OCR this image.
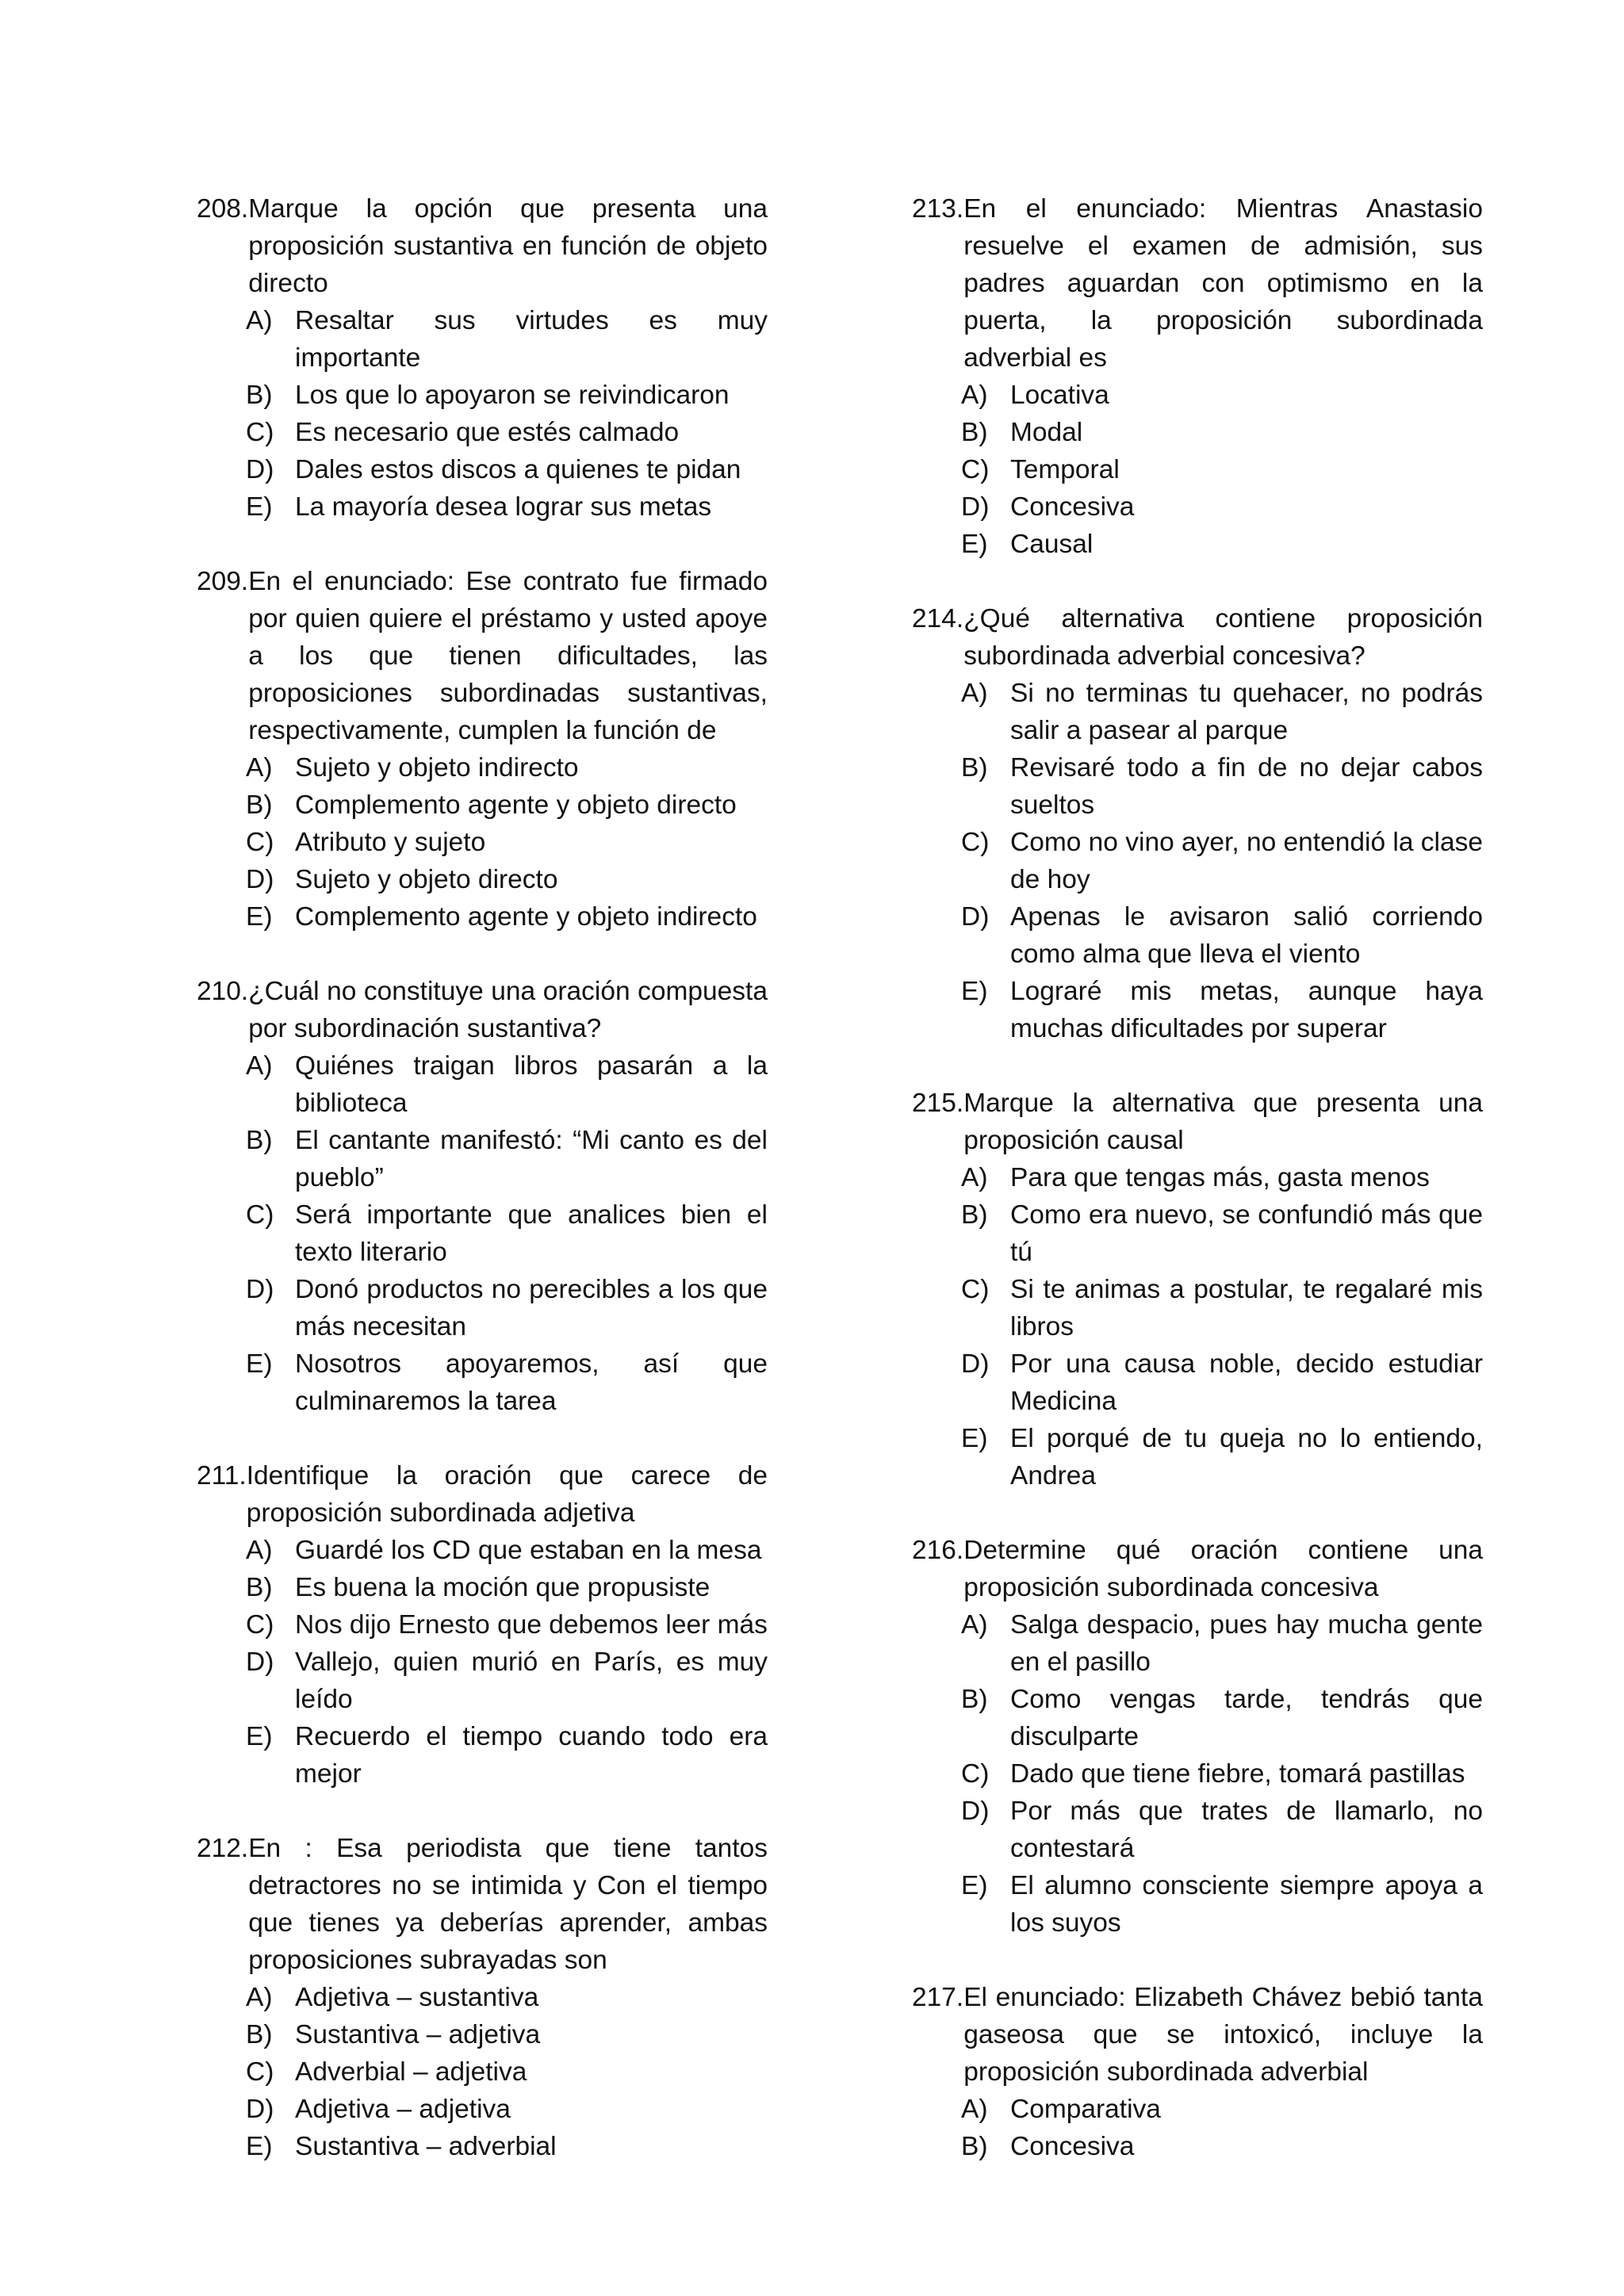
208. Marque la opción que presenta una proposición sustantiva en función de objeto directo
A) Resaltar sus virtudes es muy importante
B) Los que lo apoyaron se reivindicaron
C) Es necesario que estés calmado
D) Dales estos discos a quienes te pidan
E) La mayoría desea lograr sus metas
209. En el enunciado: Ese contrato fue firmado por quien quiere el préstamo y usted apoye a los que tienen dificultades, las proposiciones subordinadas sustantivas, respectivamente, cumplen la función de
A) Sujeto y objeto indirecto
B) Complemento agente y objeto directo
C) Atributo y sujeto
D) Sujeto y objeto directo
E) Complemento agente y objeto indirecto
210. ¿Cuál no constituye una oración compuesta por subordinación sustantiva?
A) Quiénes traigan libros pasarán a la biblioteca
B) El cantante manifestó: “Mi canto es del pueblo”
C) Será importante que analices bien el texto literario
D) Donó productos no perecibles a los que más necesitan
E) Nosotros apoyaremos, así que culminaremos la tarea
211. Identifique la oración que carece de proposición subordinada adjetiva
A) Guardé los CD que estaban en la mesa
B) Es buena la moción que propusiste
C) Nos dijo Ernesto que debemos leer más
D) Vallejo, quien murió en París, es muy leído
E) Recuerdo el tiempo cuando todo era mejor
212. En : Esa periodista que tiene tantos detractores no se intimida y Con el tiempo que tienes ya deberías aprender, ambas proposiciones subrayadas son
A) Adjetiva – sustantiva
B) Sustantiva – adjetiva
C) Adverbial – adjetiva
D) Adjetiva – adjetiva
E) Sustantiva – adverbial
213. En el enunciado: Mientras Anastasio resuelve el examen de admisión, sus padres aguardan con optimismo en la puerta, la proposición subordinada adverbial es
A) Locativa
B) Modal
C) Temporal
D) Concesiva
E) Causal
214. ¿Qué alternativa contiene proposición subordinada adverbial concesiva?
A) Si no terminas tu quehacer, no podrás salir a pasear al parque
B) Revisaré todo a fin de no dejar cabos sueltos
C) Como no vino ayer, no entendió la clase de hoy
D) Apenas le avisaron salió corriendo como alma que lleva el viento
E) Lograré mis metas, aunque haya muchas dificultades por superar
215. Marque la alternativa que presenta una proposición causal
A) Para que tengas más, gasta menos
B) Como era nuevo, se confundió más que tú
C) Si te animas a postular, te regalaré mis libros
D) Por una causa noble, decido estudiar Medicina
E) El porqué de tu queja no lo entiendo, Andrea
216. Determine qué oración contiene una proposición subordinada concesiva
A) Salga despacio, pues hay mucha gente en el pasillo
B) Como vengas tarde, tendrás que disculparte
C) Dado que tiene fiebre, tomará pastillas
D) Por más que trates de llamarlo, no contestará
E) El alumno consciente siempre apoya a los suyos
217. El enunciado: Elizabeth Chávez bebió tanta gaseosa que se intoxicó, incluye la proposición subordinada adverbial
A) Comparativa
B) Concesiva
